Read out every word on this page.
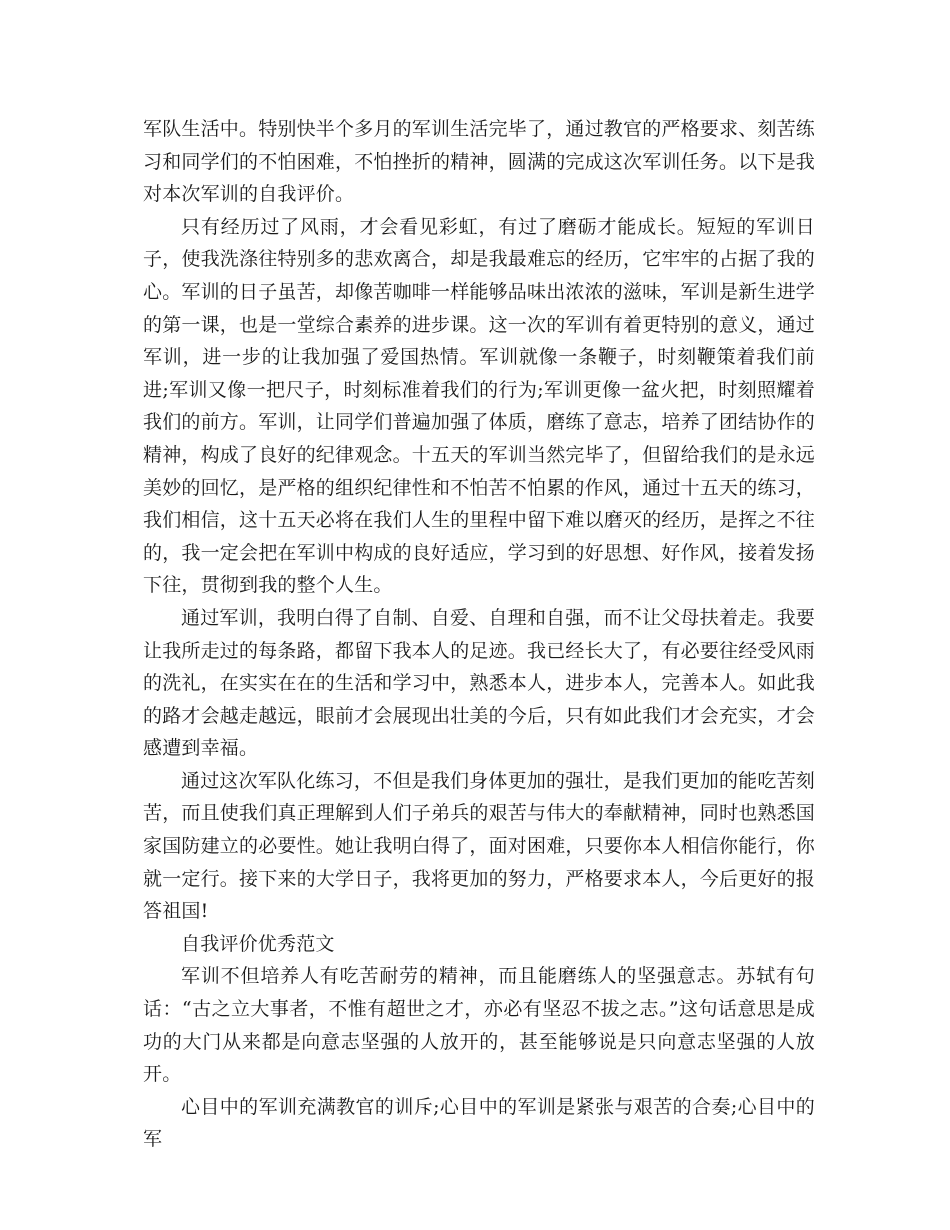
军队生活中。特别快半个多月的军训生活完毕了，通过教官的严格要求、刻苦练习和同学们的不怕困难，不怕挫折的精神，圆满的完成这次军训任务。以下是我对本次军训的自我评价。

只有经历过了风雨，才会看见彩虹，有过了磨砺才能成长。短短的军训日子，使我洗涤往特别多的悲欢离合，却是我最难忘的经历，它牢牢的占据了我的心。军训的日子虽苦，却像苦咖啡一样能够品味出浓浓的滋味，军训是新生进学的第一课，也是一堂综合素养的进步课。这一次的军训有着更特别的意义，通过军训，进一步的让我加强了爱国热情。军训就像一条鞭子，时刻鞭策着我们前进;军训又像一把尺子，时刻标准着我们的行为;军训更像一盆火把，时刻照耀着我们的前方。军训，让同学们普遍加强了体质，磨练了意志，培养了团结协作的精神，构成了良好的纪律观念。十五天的军训当然完毕了，但留给我们的是永远美妙的回忆，是严格的组织纪律性和不怕苦不怕累的作风，通过十五天的练习，我们相信，这十五天必将在我们人生的里程中留下难以磨灭的经历，是挥之不往的，我一定会把在军训中构成的良好适应，学习到的好思想、好作风，接着发扬下往，贯彻到我的整个人生。

通过军训，我明白得了自制、自爱、自理和自强，而不让父母扶着走。我要让我所走过的每条路，都留下我本人的足迹。我已经长大了，有必要往经受风雨的洗礼，在实实在在的生活和学习中，熟悉本人，进步本人，完善本人。如此我的路才会越走越远，眼前才会展现出壮美的今后，只有如此我们才会充实，才会感遭到幸福。

通过这次军队化练习，不但是我们身体更加的强壮，是我们更加的能吃苦刻苦，而且使我们真正理解到人们子弟兵的艰苦与伟大的奉献精神，同时也熟悉国家国防建立的必要性。她让我明白得了，面对困难，只要你本人相信你能行，你就一定行。接下来的大学日子，我将更加的努力，严格要求本人，今后更好的报答祖国!

自我评价优秀范文

军训不但培养人有吃苦耐劳的精神，而且能磨练人的坚强意志。苏轼有句话：“古之立大事者，不惟有超世之才，亦必有坚忍不拔之志。”这句话意思是成功的大门从来都是向意志坚强的人放开的，甚至能够说是只向意志坚强的人放开。

心目中的军训充满教官的训斥;心目中的军训是紧张与艰苦的合奏;心目中的军
